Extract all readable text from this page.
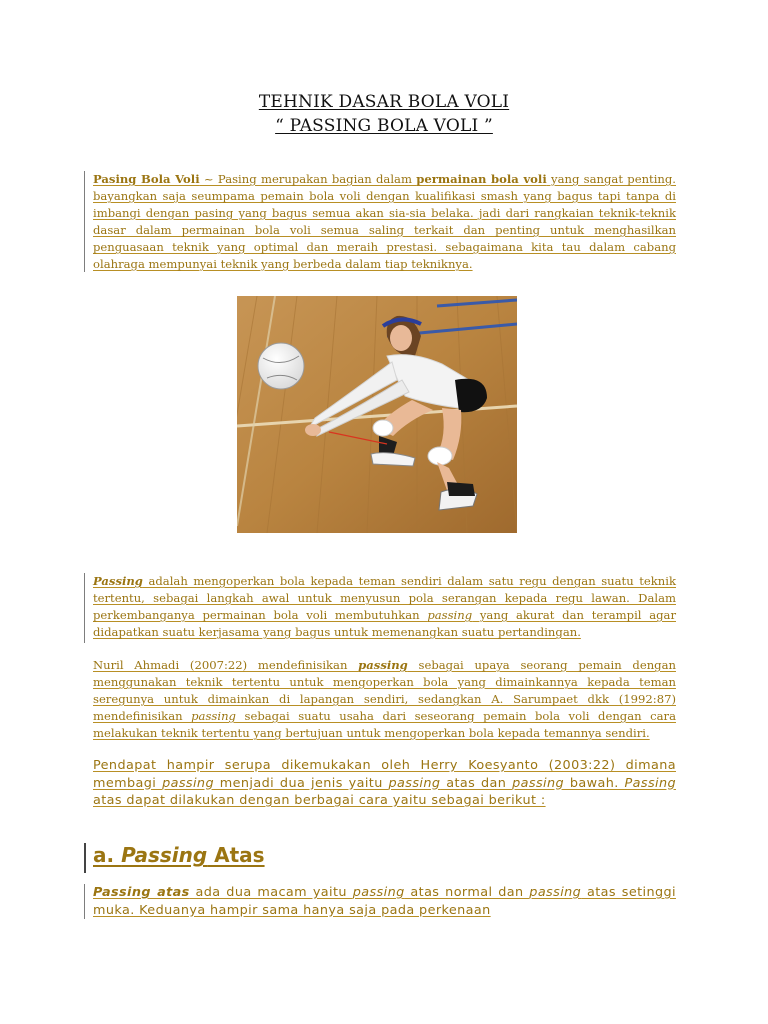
TEHNIK DASAR BOLA VOLI
“ PASSING BOLA VOLI ”

Pasing Bola Voli ~ Pasing merupakan bagian dalam permainan bola voli yang sangat penting. bayangkan saja seumpama pemain bola voli dengan kualifikasi smash yang bagus tapi tanpa di imbangi dengan pasing yang bagus semua akan sia-sia belaka. jadi dari rangkaian teknik-teknik dasar dalam permainan bola voli semua saling terkait dan penting untuk menghasilkan penguasaan teknik yang optimal dan meraih prestasi. sebagaimana kita tau dalam cabang olahraga mempunyai teknik yang berbeda dalam tiap tekniknya.

Passing adalah mengoperkan bola kepada teman sendiri dalam satu regu dengan suatu teknik tertentu, sebagai langkah awal untuk menyusun pola serangan kepada regu lawan. Dalam perkembanganya permainan bola voli membutuhkan passing yang akurat dan terampil agar didapatkan suatu kerjasama yang bagus untuk memenangkan suatu pertandingan.

Nuril Ahmadi (2007:22) mendefinisikan passing sebagai upaya seorang pemain dengan menggunakan teknik tertentu untuk mengoperkan bola yang dimainkannya kepada teman seregunya untuk dimainkan di lapangan sendiri, sedangkan A. Sarumpaet dkk (1992:87) mendefinisikan passing sebagai suatu usaha dari seseorang pemain bola voli dengan cara melakukan teknik tertentu yang bertujuan untuk mengoperkan bola kepada temannya sendiri.

Pendapat hampir serupa dikemukakan oleh Herry Koesyanto (2003:22) dimana membagi passing menjadi dua jenis yaitu passing atas dan passing bawah. Passing atas dapat dilakukan dengan berbagai cara yaitu sebagai berikut :

a. Passing Atas

Passing atas ada dua macam yaitu passing atas normal dan passing atas setinggi muka. Keduanya hampir sama hanya saja pada perkenaan
